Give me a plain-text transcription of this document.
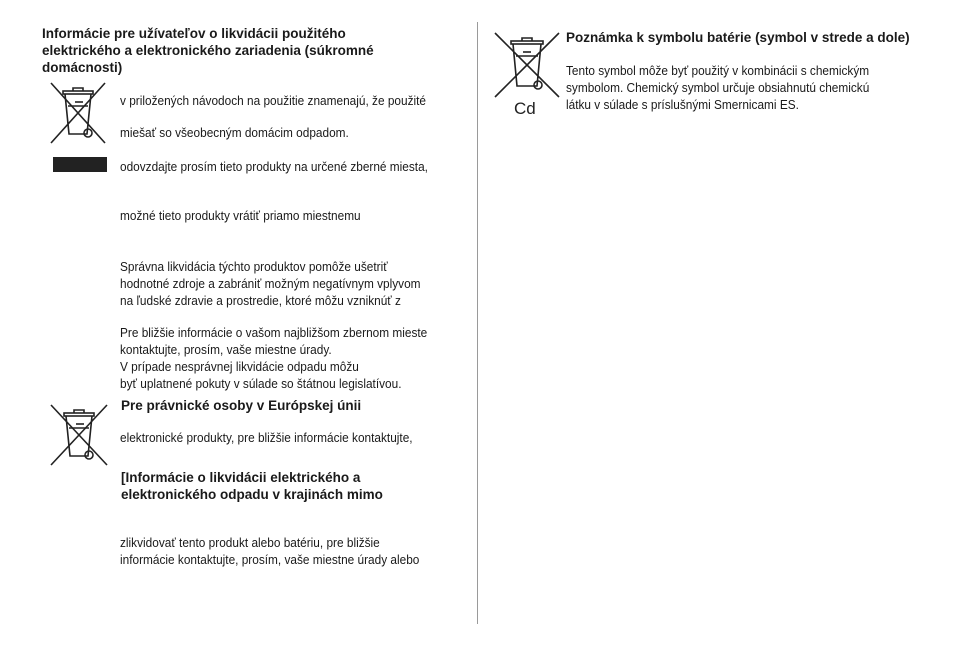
Informácie pre užívateľov o likvidácii použitého elektrického a elektronického zariadenia (súkromné domácnosti)
v priložených návodoch na použitie znamenajú, že použité
miešať so všeobecným domácim odpadom.
odovzdajte prosím tieto produkty na určené zberné miesta,
možné tieto produkty vrátiť priamo miestnemu
Správna likvidácia týchto produktov pomôže ušetriť
hodnotné zdroje a zabrániť možným negatívnym vplyvom
na ľudské zdravie a prostredie, ktoré môžu vzniknúť z
Pre bližšie informácie o vašom najbližšom zbernom mieste
kontaktujte, prosím, vaše miestne úrady.
V prípade nesprávnej likvidácie odpadu môžu
byť uplatnené pokuty v súlade so štátnou legislatívou.
Pre právnické osoby v Európskej únii
elektronické produkty, pre bližšie informácie kontaktujte,
[Informácie o likvidácii elektrického a elektronického odpadu v krajinách mimo
zlikvidovať tento produkt alebo batériu, pre bližšie
informácie kontaktujte, prosím, vaše miestne úrady alebo
Cd
Poznámka k symbolu batérie (symbol v strede a dole)
Tento symbol môže byť použitý v kombinácii s chemickým
symbolom. Chemický symbol určuje obsiahnutú chemickú
látku v súlade s príslušnými Smernicami ES.
